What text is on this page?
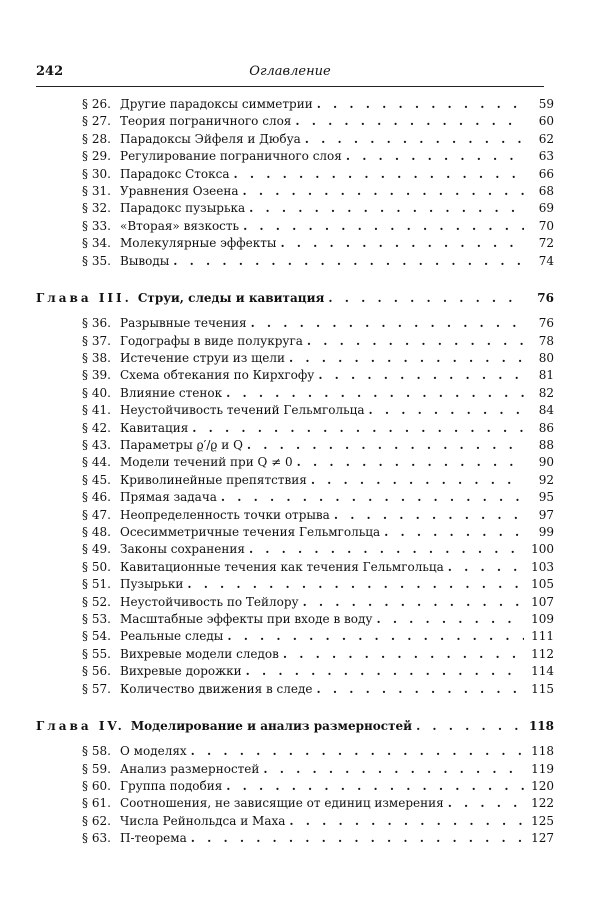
242	Оглавление
§ 26. Другие парадоксы симметрии . . .	59
§ 27. Теория пограничного слоя . . .	60
§ 28. Парадоксы Эйфеля и Дюбуа . . .	62
§ 29. Регулирование пограничного слоя . . .	63
§ 30. Парадокс Стокса . . .	66
§ 31. Уравнения Озеена . . .	68
§ 32. Парадокс пузырька . . .	69
§ 33. «Вторая» вязкость . . .	70
§ 34. Молекулярные эффекты . . .	72
§ 35. Выводы . . .	74
Глава III. Струи, следы и кавитация . . .	76
§ 36. Разрывные течения . . .	76
§ 37. Годографы в виде полукруга . . .	78
§ 38. Истечение струи из щели . . .	80
§ 39. Схема обтекания по Кирхгофу . . .	81
§ 40. Влияние стенок . . .	82
§ 41. Неустойчивость течений Гельмгольца . . .	84
§ 42. Кавитация . . .	86
§ 43. Параметры ϱ′/ϱ и Q . . .	88
§ 44. Модели течений при Q ≠ 0 . . .	90
§ 45. Криволинейные препятствия . . .	92
§ 46. Прямая задача . . .	95
§ 47. Неопределенность точки отрыва . . .	97
§ 48. Осесимметричные течения Гельмгольца . . .	99
§ 49. Законы сохранения . . .	100
§ 50. Кавитационные течения как течения Гельмгольца . . .	103
§ 51. Пузырьки . . .	105
§ 52. Неустойчивость по Тейлору . . .	107
§ 53. Масштабные эффекты при входе в воду . . .	109
§ 54. Реальные следы . . .	111
§ 55. Вихревые модели следов . . .	112
§ 56. Вихревые дорожки . . .	114
§ 57. Количество движения в следе . . .	115
Глава IV. Моделирование и анализ размерностей . . .	118
§ 58. О моделях . . .	118
§ 59. Анализ размерностей . . .	119
§ 60. Группа подобия . . .	120
§ 61. Соотношения, не зависящие от единиц измерения . . .	122
§ 62. Числа Рейнольдса и Маха . . .	125
§ 63. П-теорема . . .	127
